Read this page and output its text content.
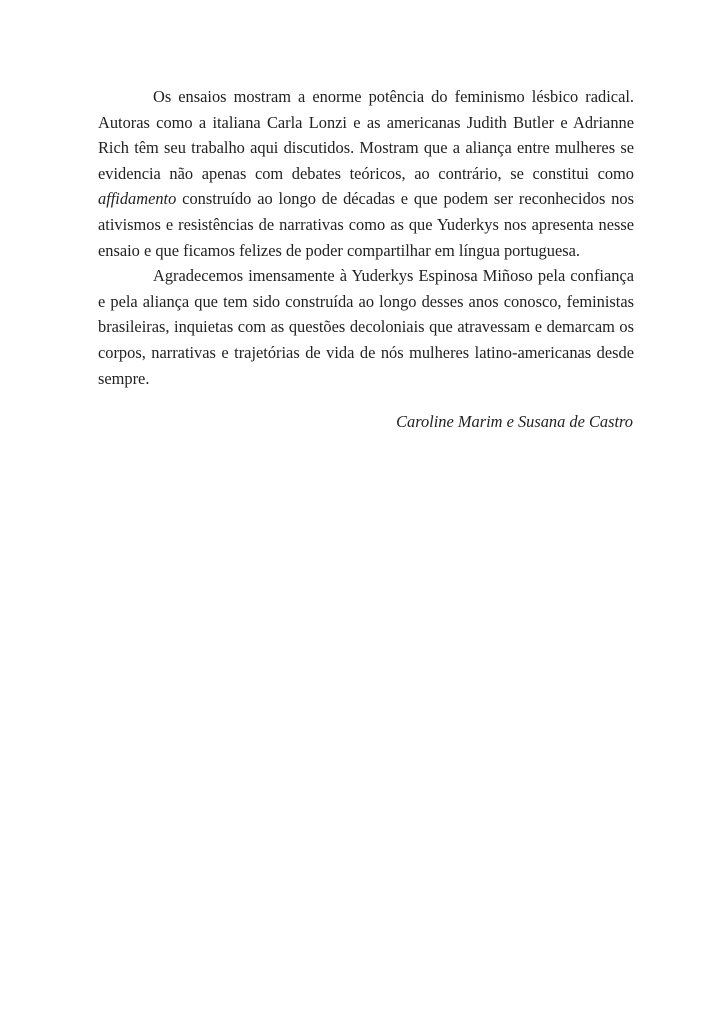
Os ensaios mostram a enorme potência do feminismo lésbico radical. Autoras como a italiana Carla Lonzi e as americanas Judith Butler e Adrianne Rich têm seu trabalho aqui discutidos. Mostram que a aliança entre mulheres se evidencia não apenas com debates teóricos, ao contrário, se constitui como affidamento construído ao longo de décadas e que podem ser reconhecidos nos ativismos e resistências de narrativas como as que Yuderkys nos apresenta nesse ensaio e que ficamos felizes de poder compartilhar em língua portuguesa.

Agradecemos imensamente à Yuderkys Espinosa Miñoso pela confiança e pela aliança que tem sido construída ao longo desses anos conosco, feministas brasileiras, inquietas com as questões decoloniais que atravessam e demarcam os corpos, narrativas e trajetórias de vida de nós mulheres latino-americanas desde sempre.

Caroline Marim e Susana de Castro
